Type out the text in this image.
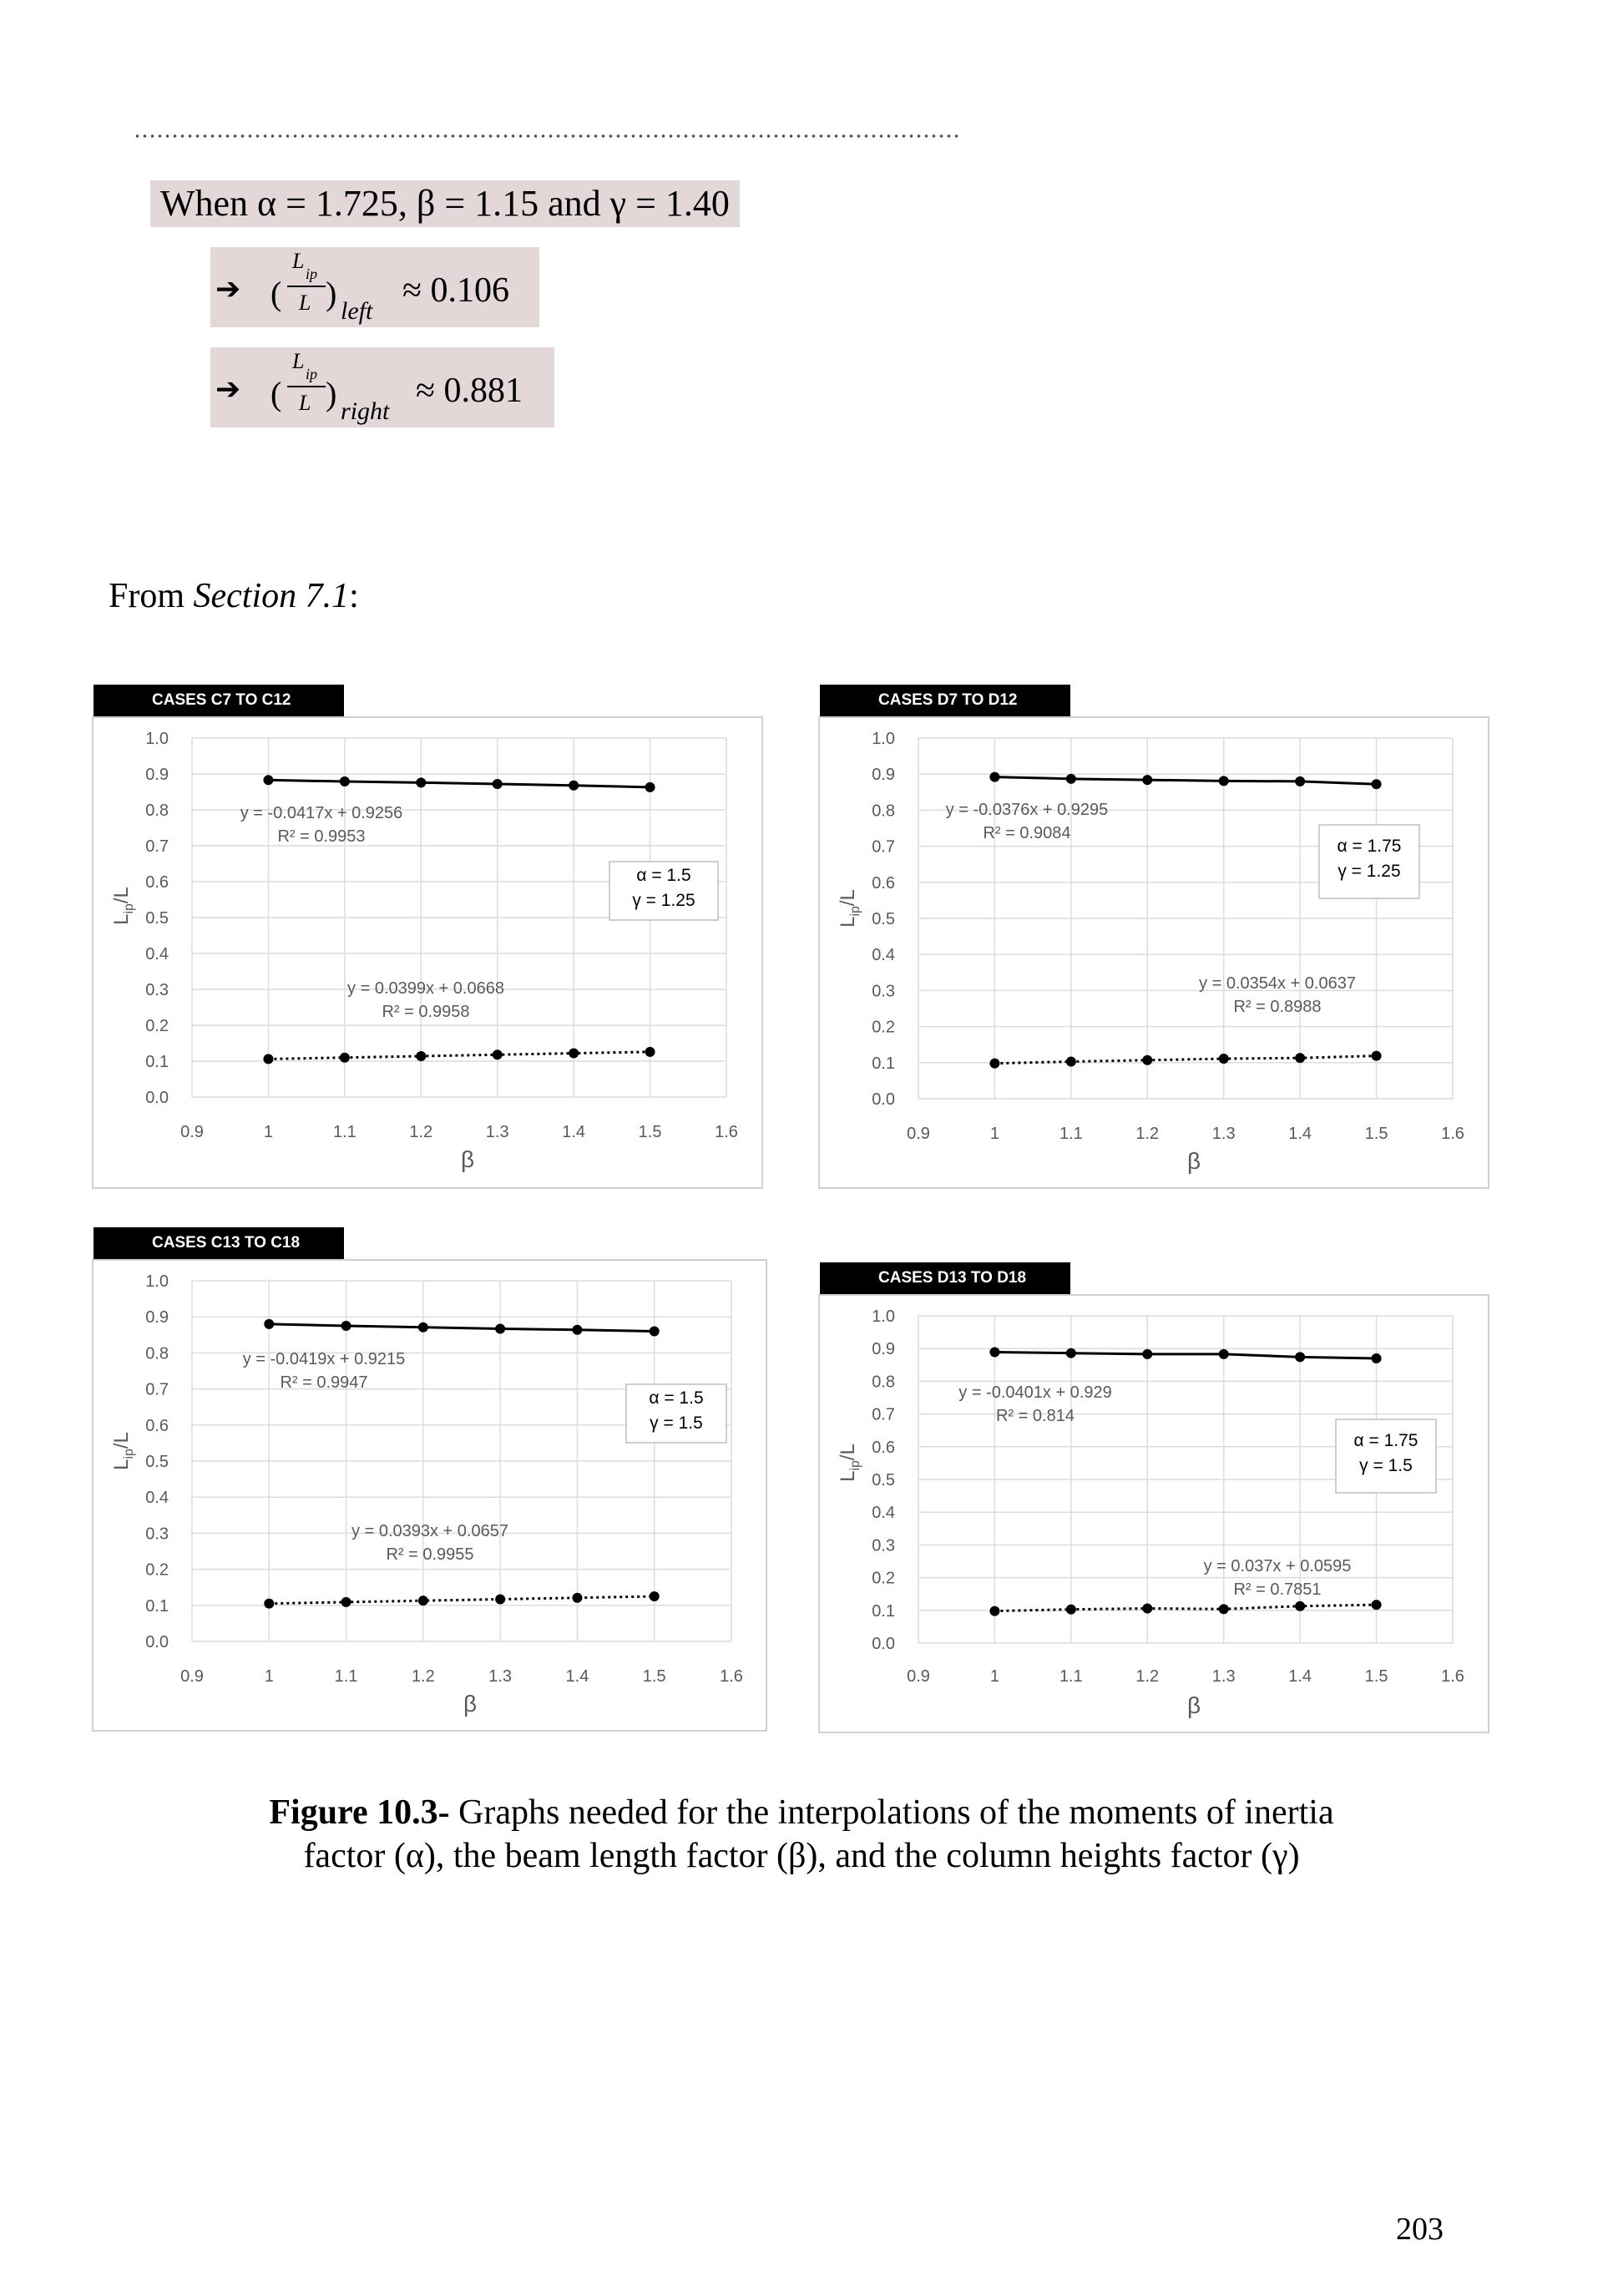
When α = 1.725, β = 1.15 and γ = 1.40
➔ (
L
ip
L ) left
≈ 0.106
➔ (
L
ip
L ) right
≈ 0.881
From Section 7.1:
CASES C7 TO C12
0.0
0.1
0.2
0.3
0.4
0.5
0.6
0.7
0.8
0.9
1.0
0.9	1	1.1	1.2	1.3	1.4	1.5	1.6
β
$L_{ip}/L$
y = -0.0417x + 0.9256
R² = 0.9953
y = 0.0399x + 0.0668
R² = 0.9958
α = 1.5
γ = 1.25
CASES D7 TO D12
0.0
0.1
0.2
0.3
0.4
0.5
0.6
0.7
0.8
0.9
1.0
0.9	1	1.1	1.2	1.3	1.4	1.5	1.6
β
$L_{ip}/L$
y = -0.0376x + 0.9295
R² = 0.9084
y = 0.0354x + 0.0637
R² = 0.8988
α = 1.75
γ = 1.25
CASES C13 TO C18
0.0
0.1
0.2
0.3
0.4
0.5
0.6
0.7
0.8
0.9
1.0
0.9	1	1.1	1.2	1.3	1.4	1.5	1.6
β
$L_{ip}/L$
y = -0.0419x + 0.9215
R² = 0.9947
y = 0.0393x + 0.0657
R² = 0.9955
α = 1.5
γ = 1.5
CASES D13 TO D18
0.0
0.1
0.2
0.3
0.4
0.5
0.6
0.7
0.8
0.9
1.0
0.9	1	1.1	1.2	1.3	1.4	1.5	1.6
β
$L_{ip}/L$
y = -0.0401x + 0.929
R² = 0.814
y = 0.037x + 0.0595
R² = 0.7851
α = 1.75
γ = 1.5
Figure 10.3- Graphs needed for the interpolations of the moments of inertia
factor (α), the beam length factor (β), and the column heights factor (γ)
203
